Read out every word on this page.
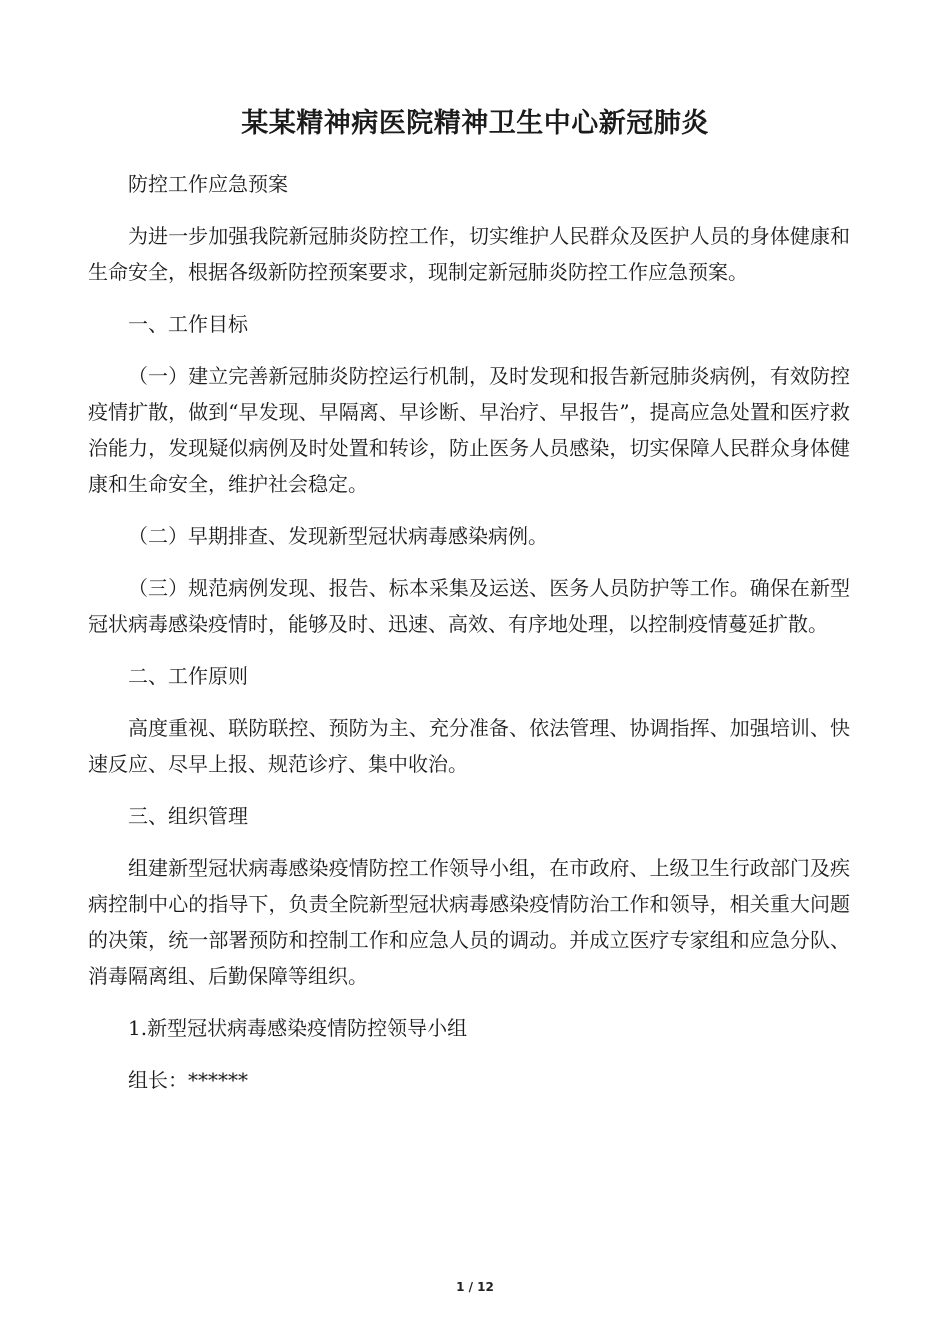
某某精神病医院精神卫生中心新冠肺炎

防控工作应急预案

为进一步加强我院新冠肺炎防控工作，切实维护人民群众及医护人员的身体健康和生命安全，根据各级新防控预案要求，现制定新冠肺炎防控工作应急预案。

一、工作目标

（一）建立完善新冠肺炎防控运行机制，及时发现和报告新冠肺炎病例，有效防控疫情扩散，做到“早发现、早隔离、早诊断、早治疗、早报告”，提高应急处置和医疗救治能力，发现疑似病例及时处置和转诊，防止医务人员感染，切实保障人民群众身体健康和生命安全，维护社会稳定。

（二）早期排查、发现新型冠状病毒感染病例。

（三）规范病例发现、报告、标本采集及运送、医务人员防护等工作。确保在新型冠状病毒感染疫情时，能够及时、迅速、高效、有序地处理，以控制疫情蔓延扩散。

二、工作原则

高度重视、联防联控、预防为主、充分准备、依法管理、协调指挥、加强培训、快速反应、尽早上报、规范诊疗、集中收治。

三、组织管理

组建新型冠状病毒感染疫情防控工作领导小组，在市政府、上级卫生行政部门及疾病控制中心的指导下，负责全院新型冠状病毒感染疫情防治工作和领导，相关重大问题的决策，统一部署预防和控制工作和应急人员的调动。并成立医疗专家组和应急分队、消毒隔离组、后勤保障等组织。

1.新型冠状病毒感染疫情防控领导小组

组长：******

1 / 12
